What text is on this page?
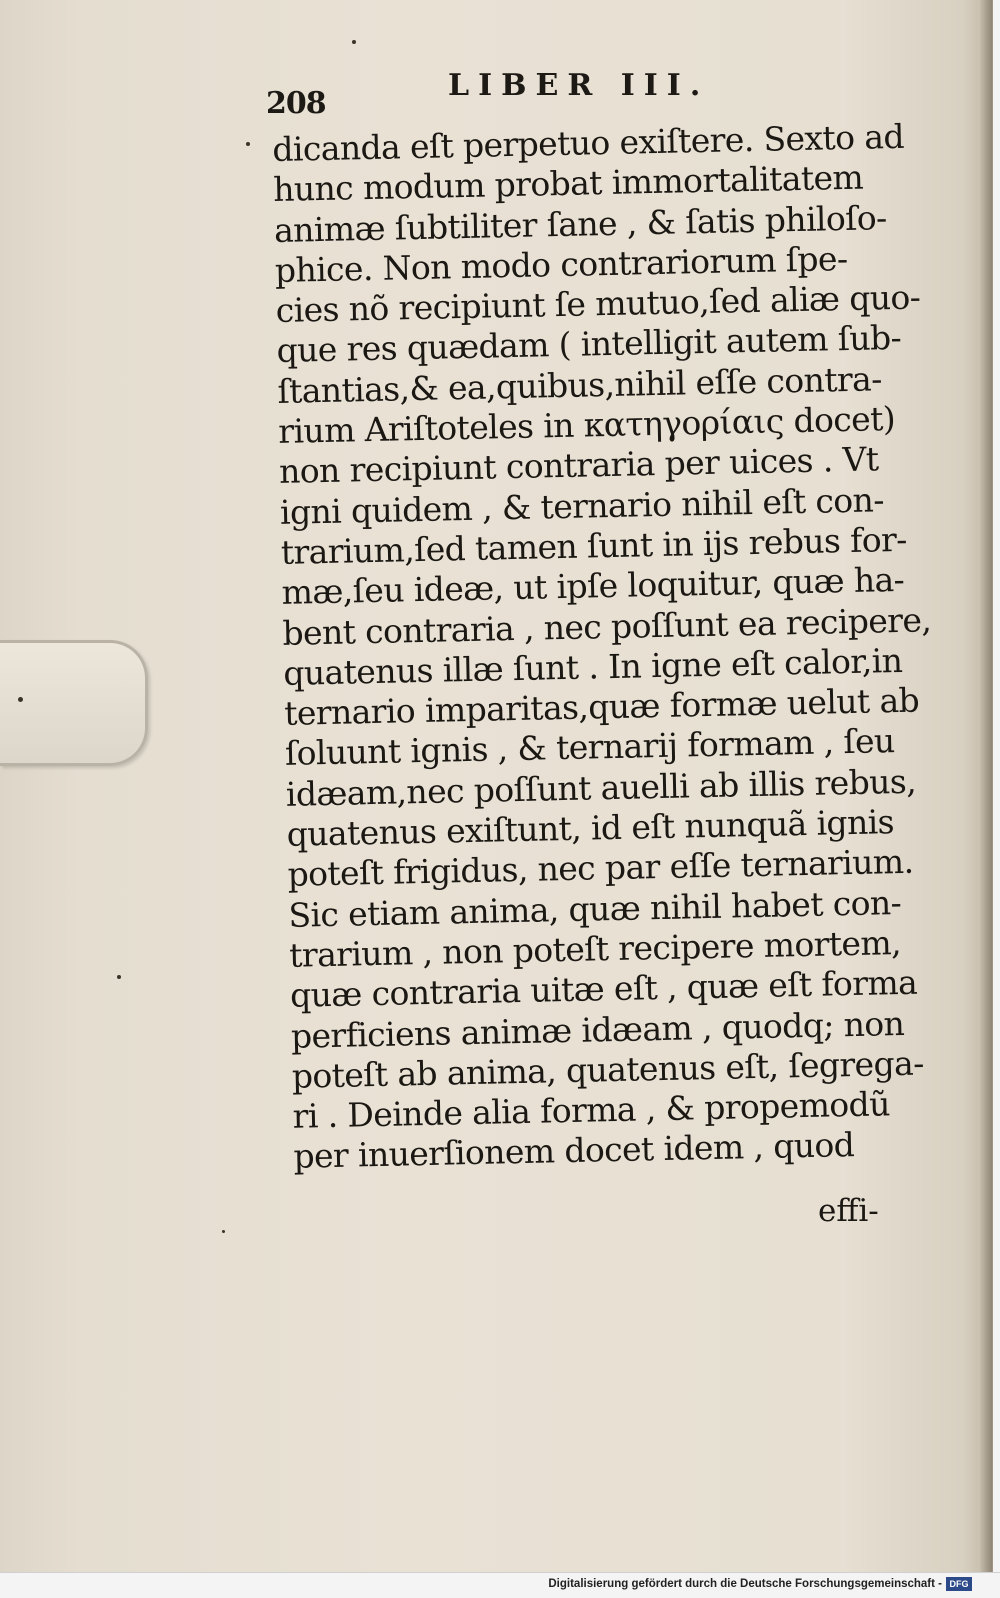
208
LIBER III.
dicanda eſt perpetuo exiſtere. Sexto ad
hunc modum probat immortalitatem
animæ ſubtiliter ſane , & ſatis philoſo-
phice. Non modo contrariorum ſpe-
cies nõ recipiunt ſe mutuo,ſed aliæ quo-
que res quædam ( intelligit autem ſub-
ſtantias,& ea,quibus,nihil eſſe contra-
rium Ariſtoteles in κατηγορίαις docet)
non recipiunt contraria per uices . Vt
igni quidem , & ternario nihil eſt con-
trarium,ſed tamen ſunt in ijs rebus for-
mæ,ſeu ideæ, ut ipſe loquitur, quæ ha-
bent contraria , nec poſſunt ea recipere,
quatenus illæ ſunt . In igne eſt calor,in
ternario imparitas,quæ formæ uelut ab
ſoluunt ignis , & ternarij formam , ſeu
idæam,nec poſſunt auelli ab illis rebus,
quatenus exiſtunt, id eſt nunquã ignis
poteſt frigidus, nec par eſſe ternarium.
Sic etiam anima, quæ nihil habet con-
trarium , non poteſt recipere mortem,
quæ contraria uitæ eſt , quæ eſt forma
perficiens animæ idæam , quodq; non
poteſt ab anima, quatenus eſt, ſegrega-
ri . Deinde alia forma , & propemodũ
per inuerſionem docet idem , quod
effi-
Digitalisierung gefördert durch die Deutsche Forschungsgemeinschaft - DFG
